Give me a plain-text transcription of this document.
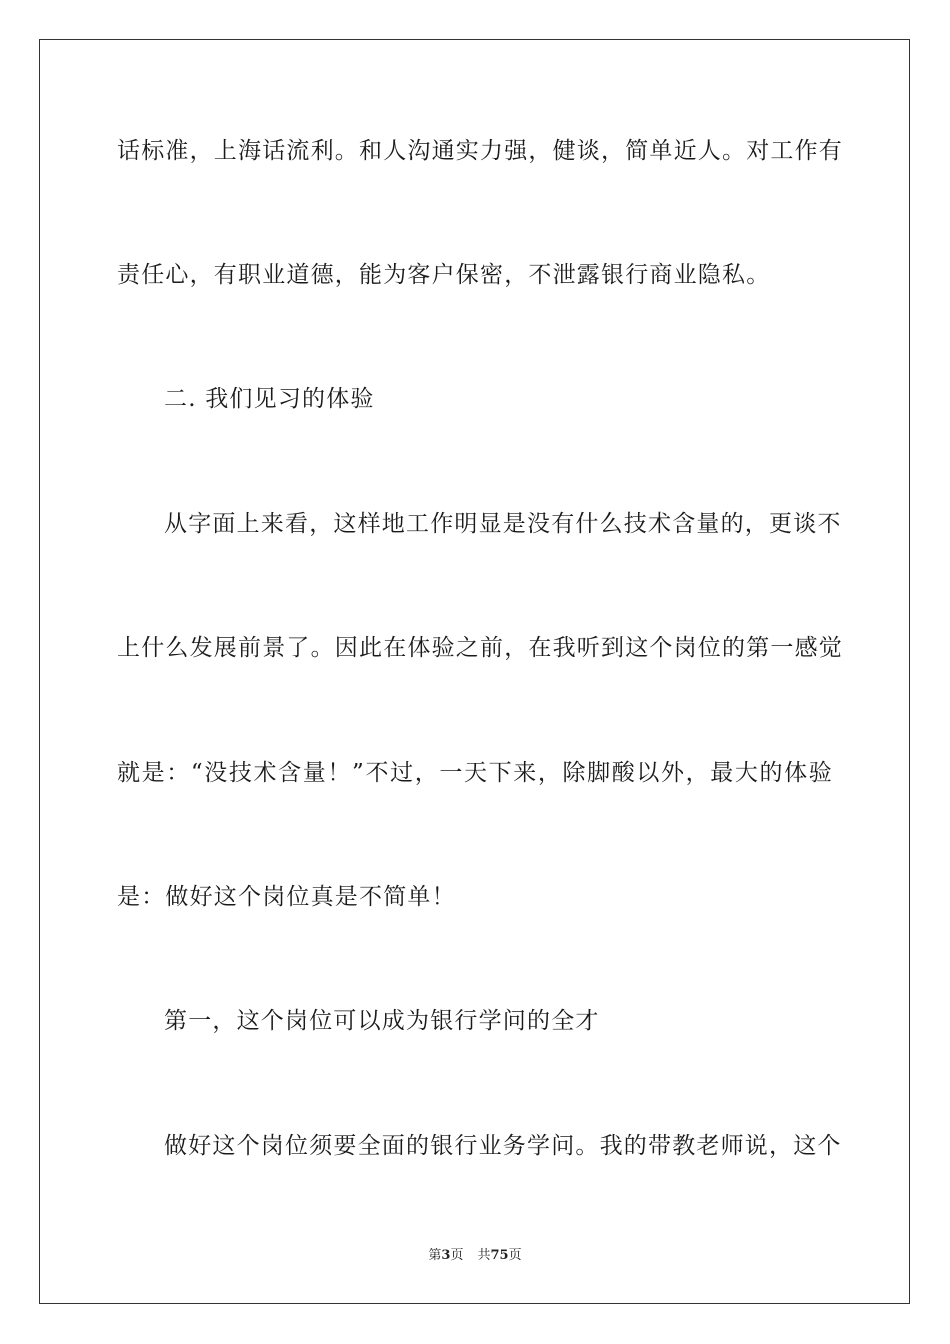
话标准，上海话流利。和人沟通实力强，健谈，简单近人。对工作有

责任心，有职业道德，能为客户保密，不泄露银行商业隐私。

二. 我们见习的体验

从字面上来看，这样地工作明显是没有什么技术含量的，更谈不

上什么发展前景了。因此在体验之前，在我听到这个岗位的第一感觉

就是：“没技术含量！”不过，一天下来，除脚酸以外，最大的体验

是：做好这个岗位真是不简单！

第一，这个岗位可以成为银行学问的全才

做好这个岗位须要全面的银行业务学问。我的带教老师说，这个

第3页 共75页
